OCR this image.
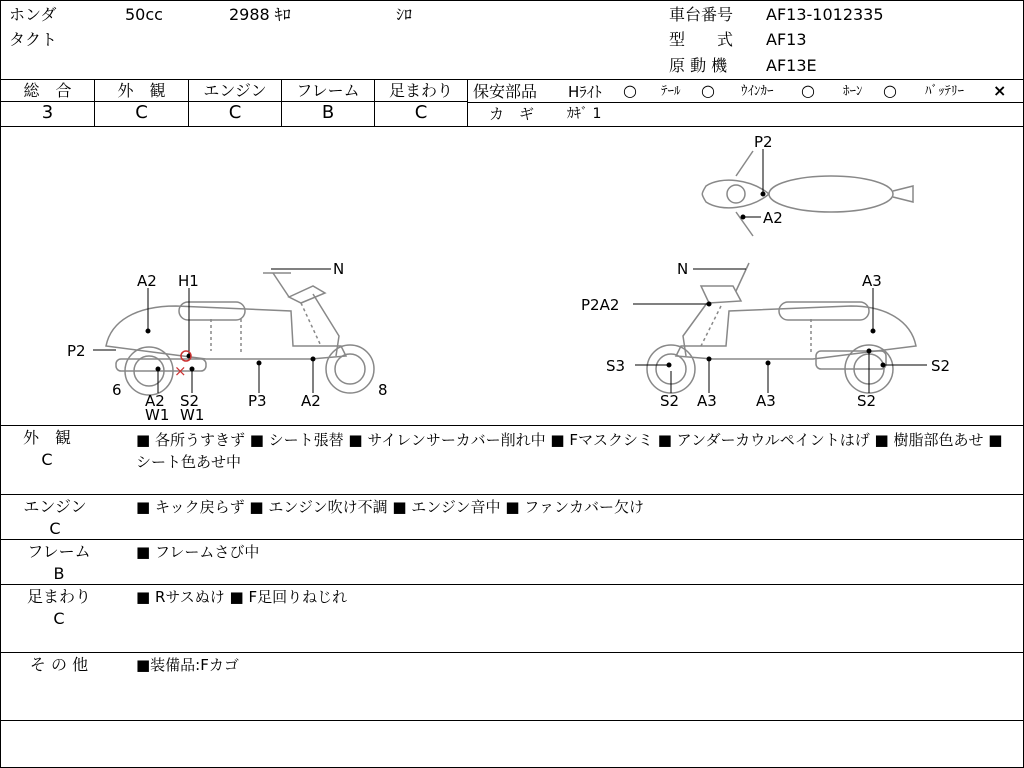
ホンダ	50cc	2988 ｷﾛ	ｼﾛ
タクト
車台番号 AF13-1012335
型　　式 AF13
原 動 機 AF13E
総　合	外　観	エンジン	フレーム	足まわり
3	C	C	B	C
保安部品 Hﾗｲﾄ ○ ﾃｰﾙ ○ ｳｲﾝｶｰ ○ ﾎｰﾝ ○ ﾊﾞｯﾃﾘｰ ×
カ　ギ ｶｷﾞ 1
×
A2 H1
N
P2
6
A2
W1
S2
W1
P3 A2
8
P2
A2
N
A3
P2A2
S3
S2 A3	A3	S2
S2
外　観
C
■ 各所うすきず ■ シート張替 ■ サイレンサーカバー削れ中 ■ Fマスクシミ ■ アンダーカウルペイントはげ ■ 樹脂部色あせ ■ シート色あせ中
エンジン
C
■ キック戻らず ■ エンジン吹け不調 ■ エンジン音中 ■ ファンカバー欠け
フレーム
B
■ フレームさび中
足まわり
C
■ Rサスぬけ ■ F足回りねじれ
そ の 他	■装備品:Fカゴ
